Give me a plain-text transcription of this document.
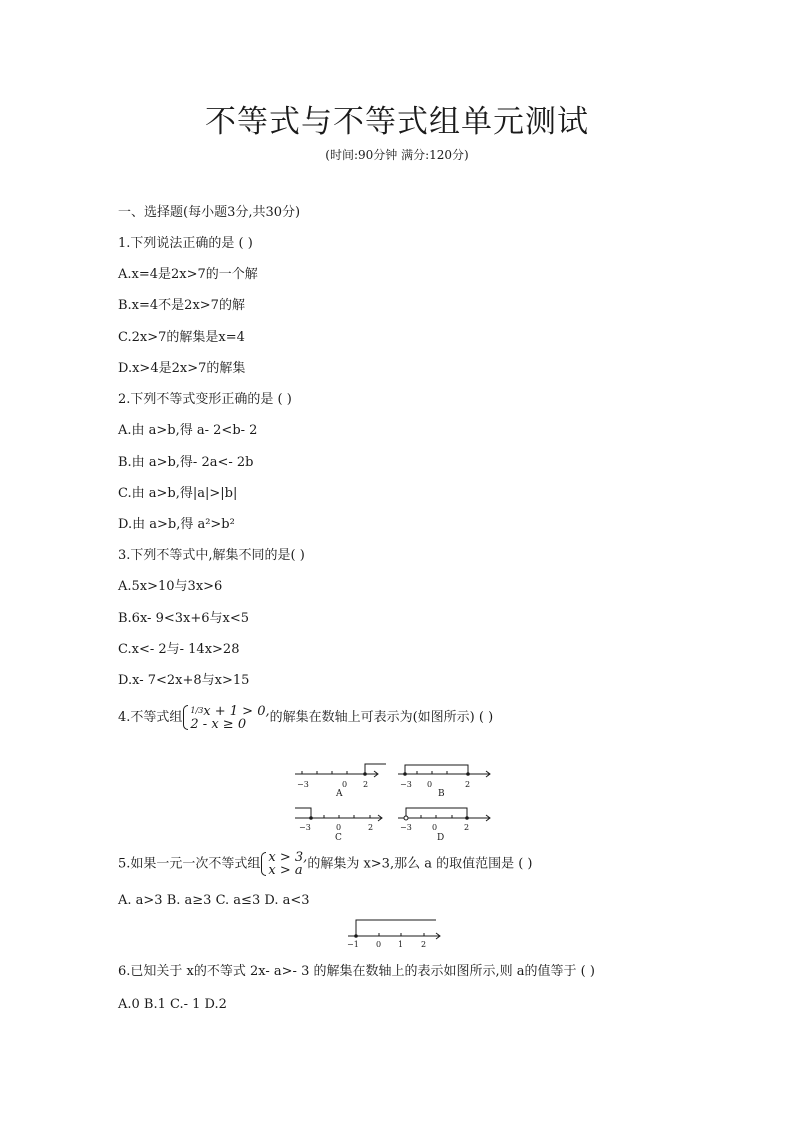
不等式与不等式组单元测试
(时间:90分钟 满分:120分)
一、选择题(每小题3分,共30分)
1.下列说法正确的是 ( )
A.x=4是2x>7的一个解
B.x=4不是2x>7的解
C.2x>7的解集是x=4
D.x>4是2x>7的解集
2.下列不等式变形正确的是 ( )
A.由 a>b,得 a- 2<b- 2
B.由 a>b,得- 2a<- 2b
C.由 a>b,得|a|>|b|
D.由 a>b,得 a²>b²
3.下列不等式中,解集不同的是( )
A.5x>10与3x>6
B.6x- 9<3x+6与x<5
C.x<- 2与- 14x>28
D.x- 7<2x+8与x>15
4.不等式组 1/3x + 1 > 0,
2 - x ≥ 0	的解集在数轴上可表示为(如图所示) ( )
−3	0 2
A
−3 0	2
B
−3	0	2
C
−3	0	2
D
5.如果一元一次不等式组 x > 3,
x > a 的解集为 x>3,那么 a 的取值范围是 ( )
A. a>3 B. a≥3 C. a≤3 D. a<3
−1 0 1 2
6.已知关于 x的不等式 2x- a>- 3 的解集在数轴上的表示如图所示,则 a的值等于 ( )
A.0 B.1 C.- 1 D.2
